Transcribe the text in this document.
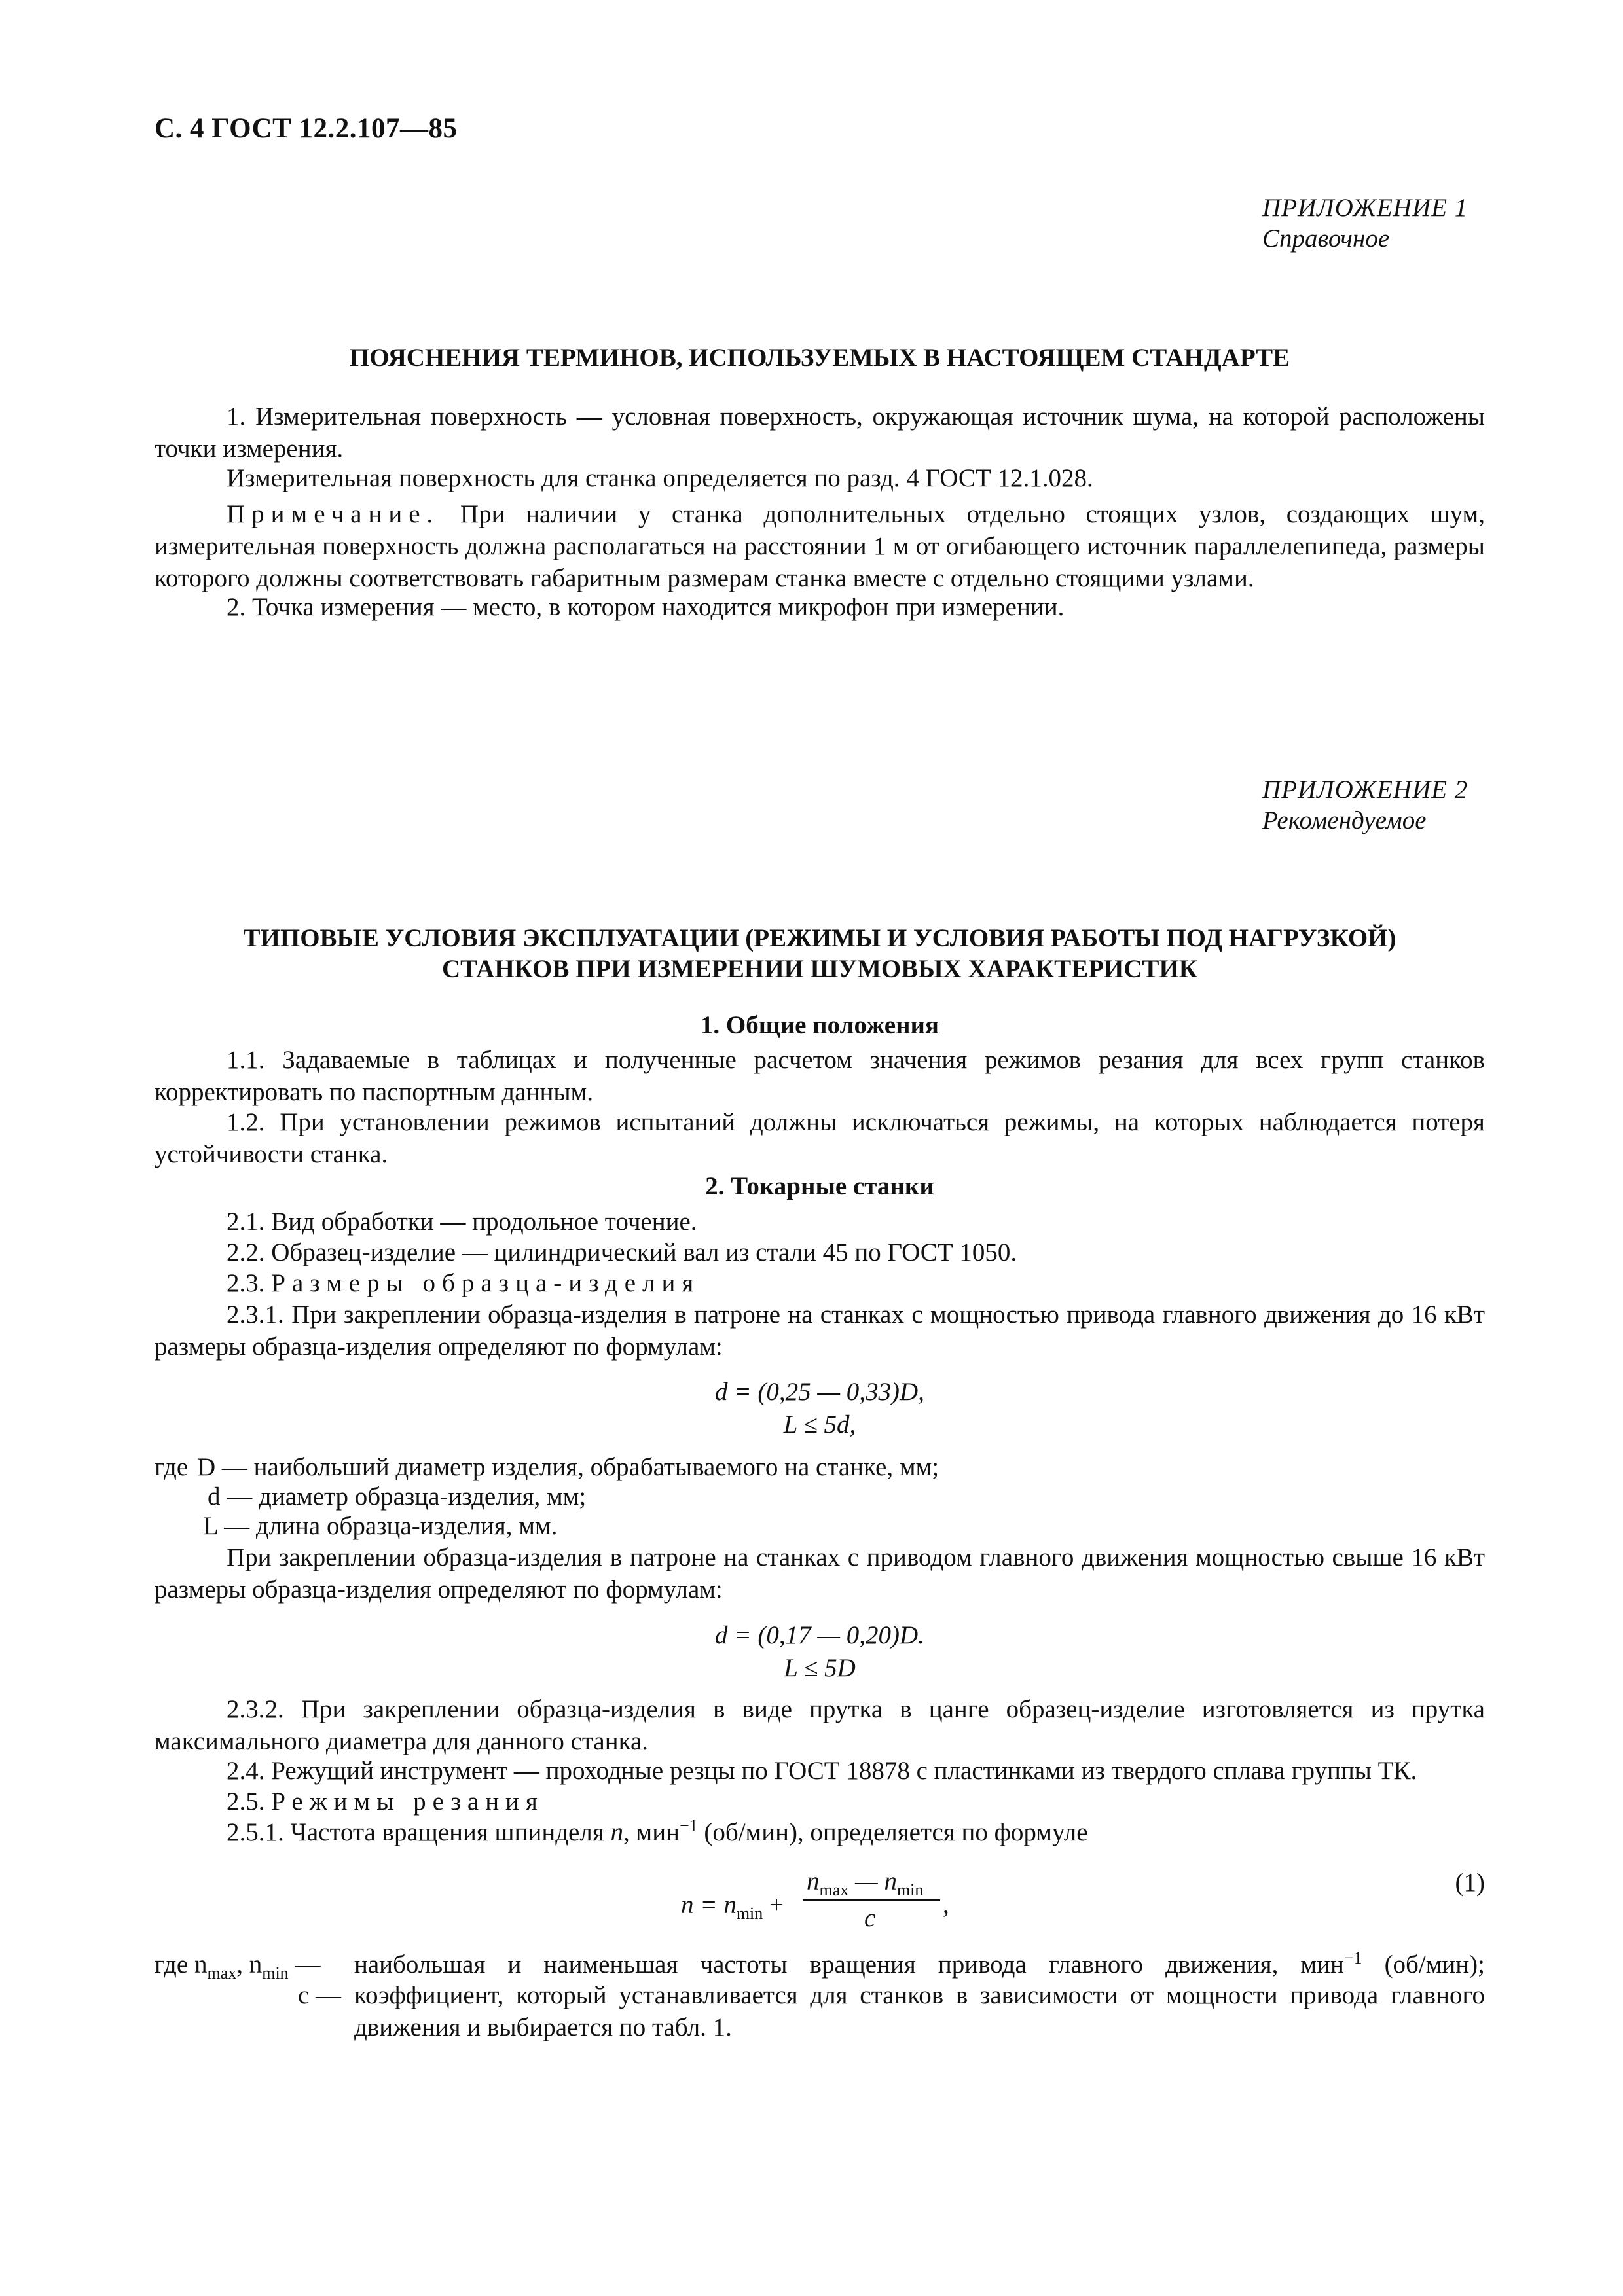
С. 4 ГОСТ 12.2.107—85
ПРИЛОЖЕНИЕ 1
Справочное
ПОЯСНЕНИЯ ТЕРМИНОВ, ИСПОЛЬЗУЕМЫХ В НАСТОЯЩЕМ СТАНДАРТЕ
1. Измерительная поверхность — условная поверхность, окружающая источник шума, на которой расположены точки измерения.
Измерительная поверхность для станка определяется по разд. 4 ГОСТ 12.1.028.
Примечание. При наличии у станка дополнительных отдельно стоящих узлов, создающих шум, измерительная поверхность должна располагаться на расстоянии 1 м от огибающего источник параллелепипеда, размеры которого должны соответствовать габаритным размерам станка вместе с отдельно стоящими узлами.
2. Точка измерения — место, в котором находится микрофон при измерении.
ПРИЛОЖЕНИЕ 2
Рекомендуемое
ТИПОВЫЕ УСЛОВИЯ ЭКСПЛУАТАЦИИ (РЕЖИМЫ И УСЛОВИЯ РАБОТЫ ПОД НАГРУЗКОЙ)
СТАНКОВ ПРИ ИЗМЕРЕНИИ ШУМОВЫХ ХАРАКТЕРИСТИК
1. Общие положения
1.1. Задаваемые в таблицах и полученные расчетом значения режимов резания для всех групп станков корректировать по паспортным данным.
1.2. При установлении режимов испытаний должны исключаться режимы, на которых наблюдается потеря устойчивости станка.
2. Токарные станки
2.1. Вид обработки — продольное точение.
2.2. Образец-изделие — цилиндрический вал из стали 45 по ГОСТ 1050.
2.3. Размеры образца-изделия
2.3.1. При закреплении образца-изделия в патроне на станках с мощностью привода главного движения до 16 кВт размеры образца-изделия определяют по формулам:
d = (0,25 — 0,33)D,
L ≤ 5d,
где D — наибольший диаметр изделия, обрабатываемого на станке, мм;
d — диаметр образца-изделия, мм;
L — длина образца-изделия, мм.
При закреплении образца-изделия в патроне на станках с приводом главного движения мощностью свыше 16 кВт размеры образца-изделия определяют по формулам:
d = (0,17 — 0,20)D.
L ≤ 5D
2.3.2. При закреплении образца-изделия в виде прутка в цанге образец-изделие изготовляется из прутка максимального диаметра для данного станка.
2.4. Режущий инструмент — проходные резцы по ГОСТ 18878 с пластинками из твердого сплава группы ТК.
2.5. Режимы резания
2.5.1. Частота вращения шпинделя n, мин$^{-1}$ (об/мин), определяется по формуле
$n = n_{min}$ +
$n_{max}$ — $n_{min}$
c	,
(1)
где $n_{max}$, $n_{min}$ — наибольшая и наименьшая частоты вращения привода главного движения, мин$^{-1}$ (об/мин);
c — коэффициент, который устанавливается для станков в зависимости от мощности привода главного движения и выбирается по табл. 1.
